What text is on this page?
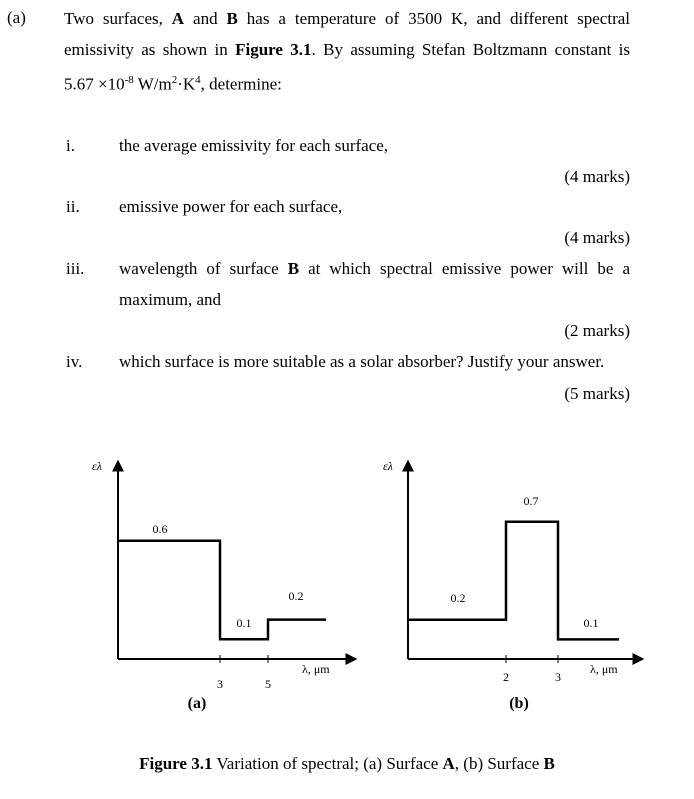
(a) Two surfaces, A and B has a temperature of 3500 K, and different spectral
emissivity as shown in Figure 3.1. By assuming Stefan Boltzmann constant is
$5.67 \times 10^{-8}$ $W/m^2\cdot K^4$, determine:
i.	the average emissivity for each surface,
(4 marks)
ii. emissive power for each surface,
(4 marks)
iii. wavelength of surface B at which spectral emissive power will be a
maximum, and
(2 marks)
iv. which surface is more suitable as a solar absorber? Justify your answer.
(5 marks)
ελ
λ, μm
3	5
0.6
0.1
0.2
(a)
ελ
λ, μm
2	3
0.2
0.7
0.1
(b)
Figure 3.1 Variation of spectral; (a) Surface A, (b) Surface B
